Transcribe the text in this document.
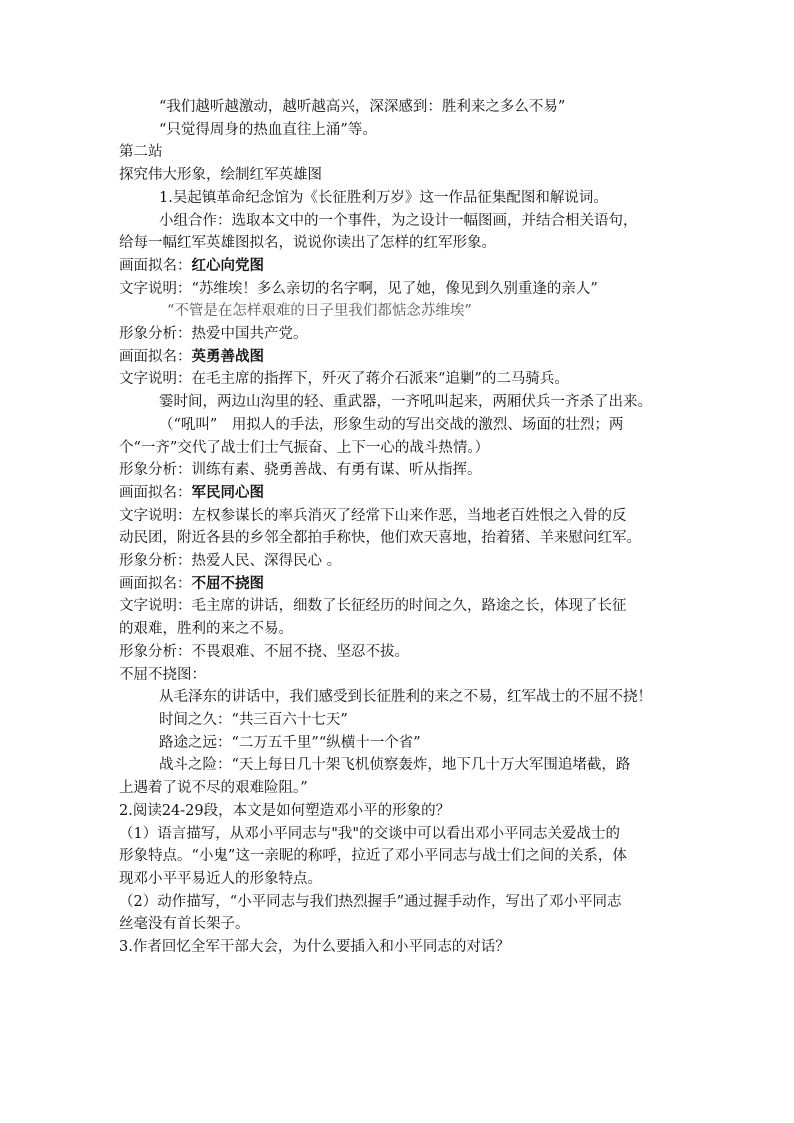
“我们越听越激动，越听越高兴，深深感到：胜利来之多么不易”
“只觉得周身的热血直往上涌”等。
第二站
探究伟大形象，绘制红军英雄图
1.吴起镇革命纪念馆为《长征胜利万岁》这一作品征集配图和解说词。
小组合作：选取本文中的一个事件，为之设计一幅图画，并结合相关语句，
给每一幅红军英雄图拟名，说说你读出了怎样的红军形象。
画面拟名：红心向党图
文字说明：“苏维埃！多么亲切的名字啊，见了她，像见到久别重逢的亲人”
“不管是在怎样艰难的日子里我们都惦念苏维埃”
形象分析：热爱中国共产党。
画面拟名：英勇善战图
文字说明：在毛主席的指挥下，歼灭了蒋介石派来“追剿”的二马骑兵。
霎时间，两边山沟里的轻、重武器，一齐吼叫起来，两厢伏兵一齐杀了出来。
（“吼叫”　用拟人的手法，形象生动的写出交战的激烈、场面的壮烈；两
个“一齐”交代了战士们士气振奋、上下一心的战斗热情。）
形象分析：训练有素、骁勇善战、有勇有谋、听从指挥。
画面拟名：军民同心图
文字说明：左权参谋长的率兵消灭了经常下山来作恶，当地老百姓恨之入骨的反
动民团，附近各县的乡邻全都拍手称快，他们欢天喜地，抬着猪、羊来慰问红军。
形象分析：热爱人民、深得民心 。
画面拟名：不屈不挠图
文字说明：毛主席的讲话，细数了长征经历的时间之久，路途之长，体现了长征
的艰难，胜利的来之不易。
形象分析：不畏艰难、不屈不挠、坚忍不拔。
不屈不挠图：
从毛泽东的讲话中，我们感受到长征胜利的来之不易，红军战士的不屈不挠！
时间之久：“共三百六十七天”
路途之远：“二万五千里”“纵横十一个省”
战斗之险：“天上每日几十架飞机侦察轰炸，地下几十万大军围追堵截，路
上遇着了说不尽的艰难险阻。”
2.阅读24-29段，本文是如何塑造邓小平的形象的？
（1）语言描写，从邓小平同志与"我"的交谈中可以看出邓小平同志关爱战士的
形象特点。“小鬼”这一亲昵的称呼，拉近了邓小平同志与战士们之间的关系，体
现邓小平平易近人的形象特点。
（2）动作描写，“小平同志与我们热烈握手”通过握手动作，写出了邓小平同志
丝毫没有首长架子。
3.作者回忆全军干部大会，为什么要插入和小平同志的对话？
